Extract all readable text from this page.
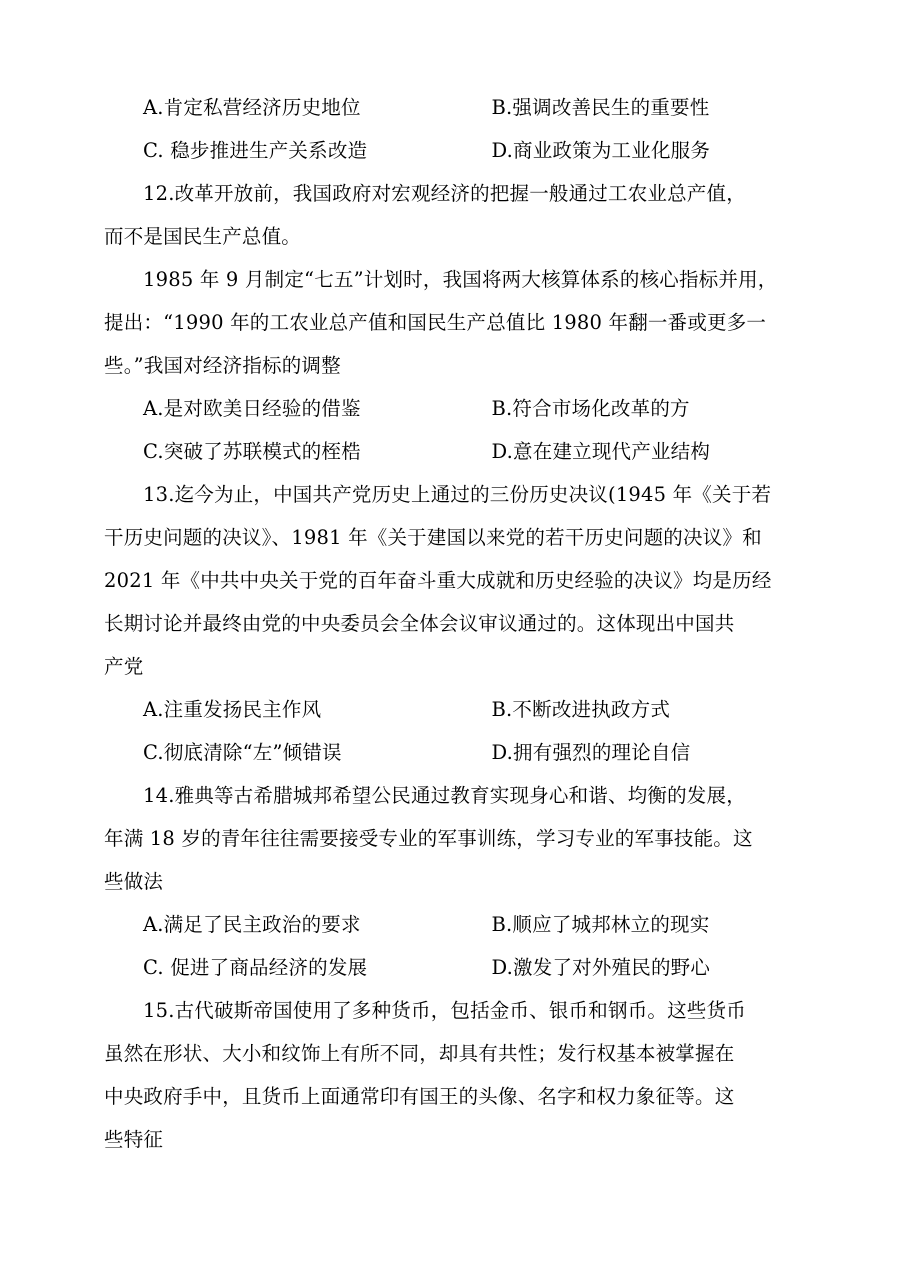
A.肯定私营经济历史地位	B.强调改善民生的重要性
C. 稳步推进生产关系改造	D.商业政策为工业化服务

12.改革开放前，我国政府对宏观经济的把握一般通过工农业总产值，

而不是国民生产总值。

1985 年 9 月制定“七五”计划时，我国将两大核算体系的核心指标并用，

提出：“1990 年的工农业总产值和国民生产总值比 1980 年翻一番或更多一

些。”我国对经济指标的调整

A.是对欧美日经验的借鉴	B.符合市场化改革的方
C.突破了苏联模式的桎梏	D.意在建立现代产业结构

13.迄今为止，中国共产党历史上通过的三份历史决议(1945 年《关于若

干历史问题的决议》、1981 年《关于建国以来党的若干历史问题的决议》和

2021 年《中共中央关于党的百年奋斗重大成就和历史经验的决议》均是历经

长期讨论并最终由党的中央委员会全体会议审议通过的。这体现出中国共

产党

A.注重发扬民主作风	B.不断改进执政方式
C.彻底清除“左”倾错误	D.拥有强烈的理论自信

14.雅典等古希腊城邦希望公民通过教育实现身心和谐、均衡的发展，

年满 18 岁的青年往往需要接受专业的军事训练，学习专业的军事技能。这

些做法

A.满足了民主政治的要求	B.顺应了城邦林立的现实
C. 促进了商品经济的发展	D.激发了对外殖民的野心

15.古代破斯帝国使用了多种货币，包括金币、银币和钢币。这些货币

虽然在形状、大小和纹饰上有所不同，却具有共性；发行权基本被掌握在

中央政府手中，且货币上面通常印有国王的头像、名字和权力象征等。这

些特征
